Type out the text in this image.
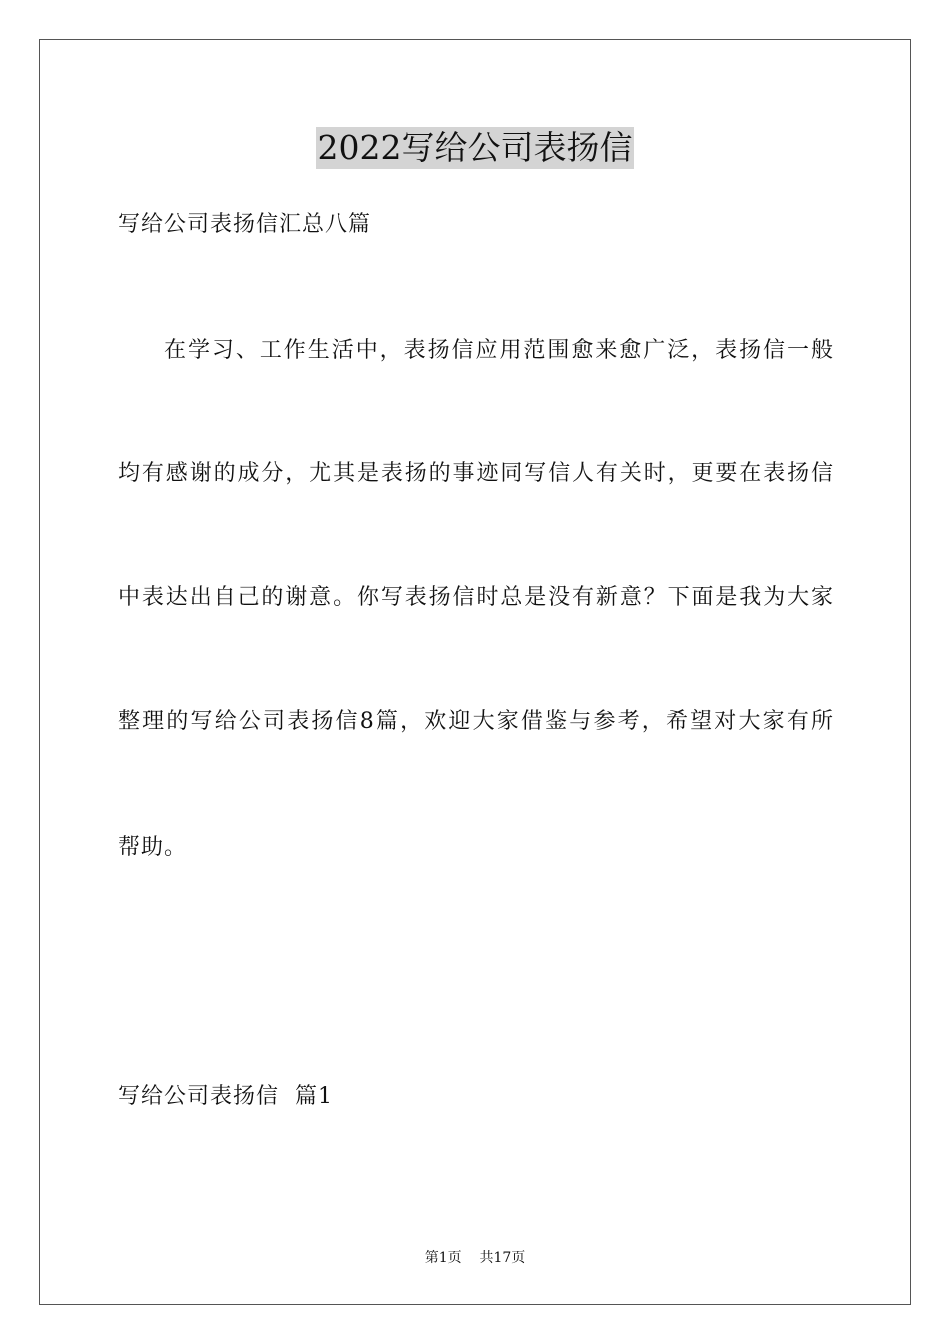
2022写给公司表扬信
写给公司表扬信汇总八篇
在学习、工作生活中，表扬信应用范围愈来愈广泛，表扬信一般
均有感谢的成分，尤其是表扬的事迹同写信人有关时，更要在表扬信
中表达出自己的谢意。你写表扬信时总是没有新意？下面是我为大家
整理的写给公司表扬信8篇，欢迎大家借鉴与参考，希望对大家有所
帮助。
写给公司表扬信  篇1
第1页    共17页
